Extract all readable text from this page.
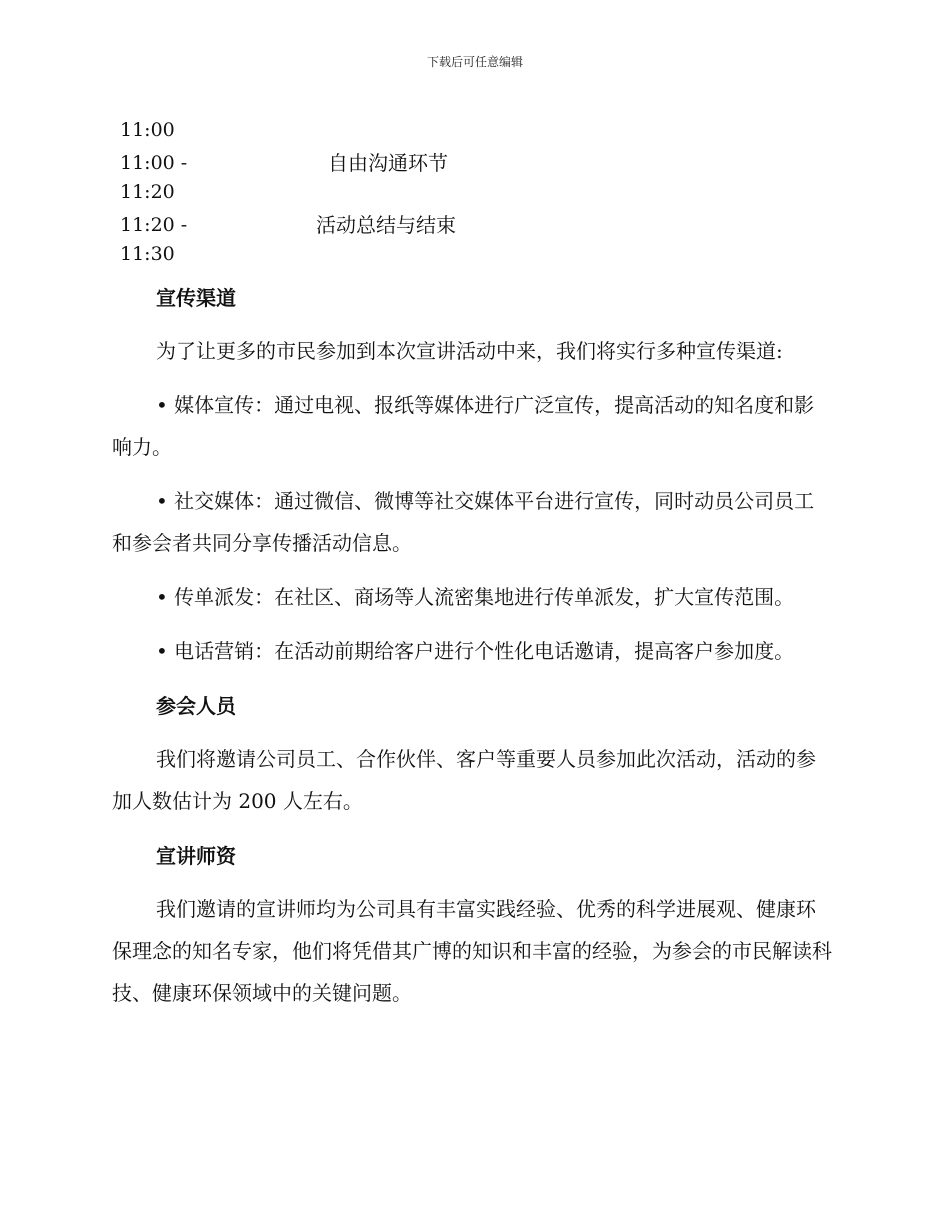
下载后可任意编辑
11:00
11:00 -	自由沟通环节
11:20
11:20 -	活动总结与结束
11:30
宣传渠道

为了让更多的市民参加到本次宣讲活动中来，我们将实行多种宣传渠道:

• 媒体宣传：通过电视、报纸等媒体进行广泛宣传，提高活动的知名度和影响力。

• 社交媒体：通过微信、微博等社交媒体平台进行宣传，同时动员公司员工和参会者共同分享传播活动信息。

• 传单派发：在社区、商场等人流密集地进行传单派发，扩大宣传范围。

• 电话营销：在活动前期给客户进行个性化电话邀请，提高客户参加度。

参会人员

我们将邀请公司员工、合作伙伴、客户等重要人员参加此次活动，活动的参加人数估计为 200 人左右。

宣讲师资

我们邀请的宣讲师均为公司具有丰富实践经验、优秀的科学进展观、健康环保理念的知名专家，他们将凭借其广博的知识和丰富的经验，为参会的市民解读科技、健康环保领域中的关键问题。
